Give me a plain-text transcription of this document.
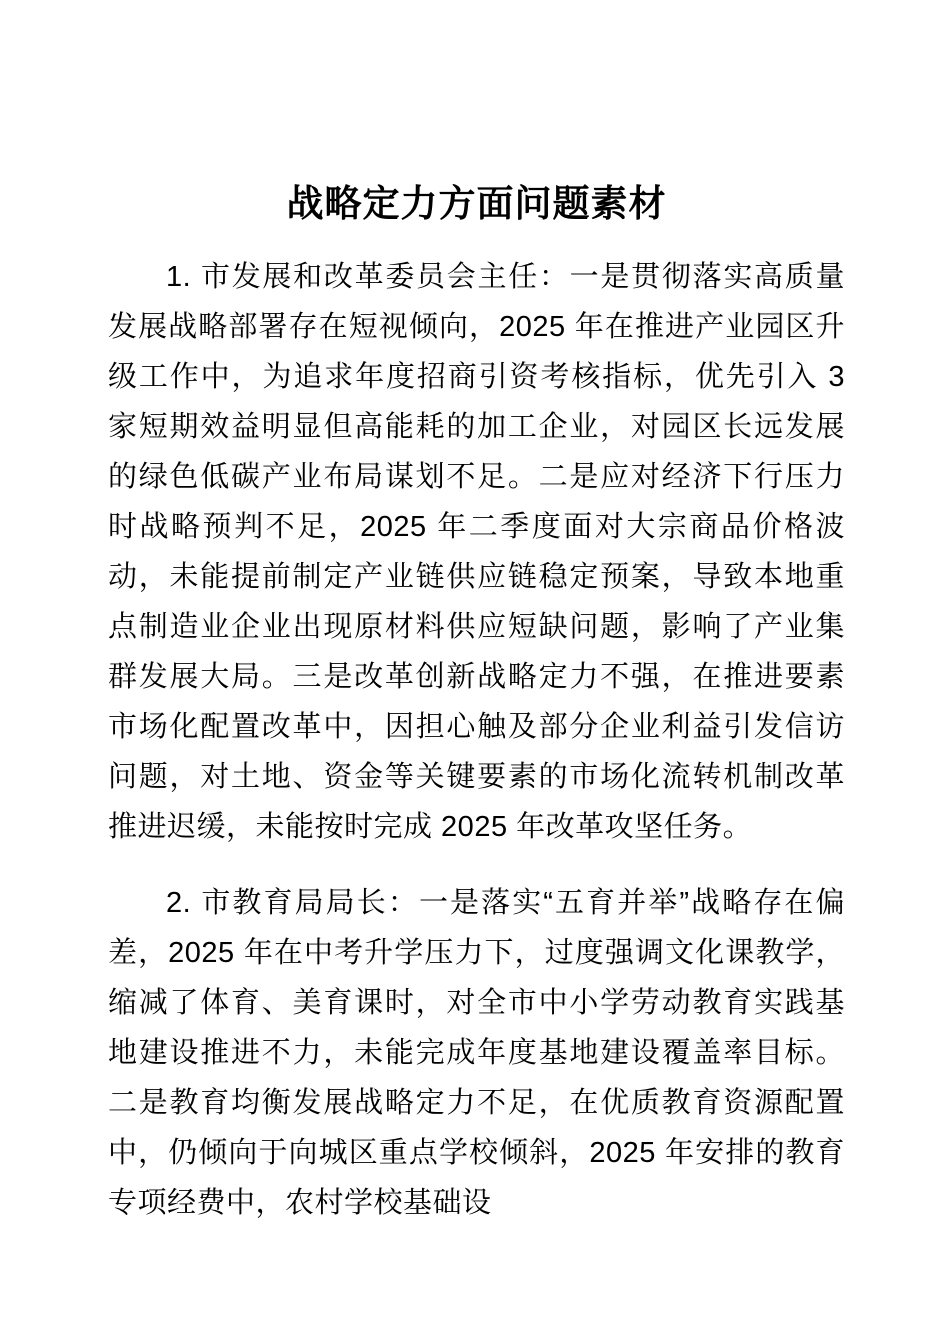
战略定力方面问题素材

1. 市发展和改革委员会主任：一是贯彻落实高质量发展战略部署存在短视倾向，2025 年在推进产业园区升级工作中，为追求年度招商引资考核指标，优先引入 3 家短期效益明显但高能耗的加工企业，对园区长远发展的绿色低碳产业布局谋划不足。二是应对经济下行压力时战略预判不足，2025 年二季度面对大宗商品价格波动，未能提前制定产业链供应链稳定预案，导致本地重点制造业企业出现原材料供应短缺问题，影响了产业集群发展大局。三是改革创新战略定力不强，在推进要素市场化配置改革中，因担心触及部分企业利益引发信访问题，对土地、资金等关键要素的市场化流转机制改革推进迟缓，未能按时完成 2025 年改革攻坚任务。

2. 市教育局局长：一是落实“五育并举”战略存在偏差，2025 年在中考升学压力下，过度强调文化课教学，缩减了体育、美育课时，对全市中小学劳动教育实践基地建设推进不力，未能完成年度基地建设覆盖率目标。二是教育均衡发展战略定力不足，在优质教育资源配置中，仍倾向于向城区重点学校倾斜，2025 年安排的教育专项经费中，农村学校基础设
